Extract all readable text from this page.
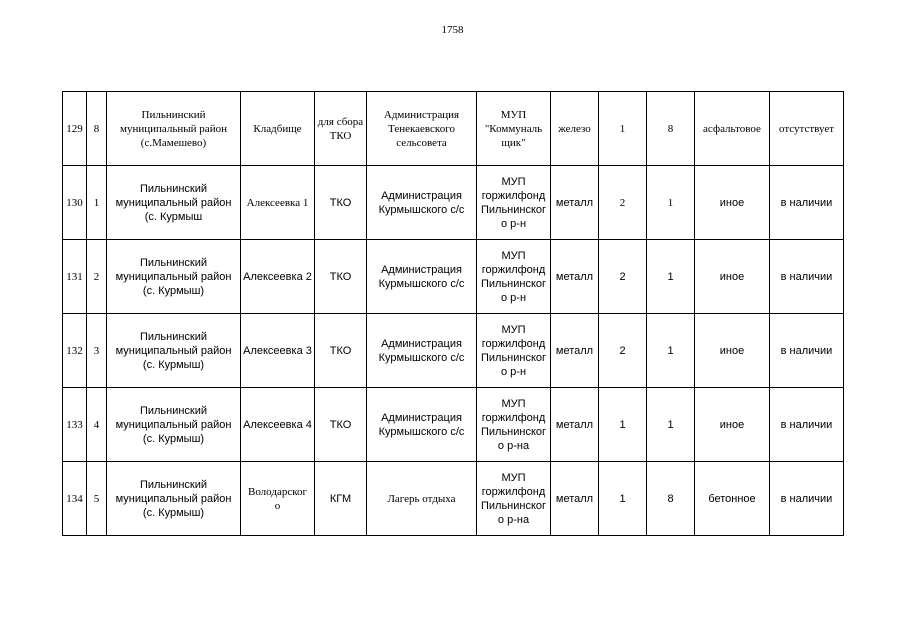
1758
129	8	Пильнинский
муниципальный район
(с.Мамешево)	Кладбище	для сбора
ТКО	Администрация
Тенекаевского
сельсовета	МУП
"Коммуналь
щик"	железо	1	8	асфальтовое	отсутствует

130	1	Пильнинский
муниципальный район
(с. Курмыш	Алексеевка 1	ТКО	Администрация
Курмышского с/с	МУП
горжилфонд
Пильнинског
о р-н	металл	2	1	иное	в наличии

131	2	Пильнинский
муниципальный район
(с. Курмыш)	Алексеевка 2	ТКО	Администрация
Курмышского с/с	МУП
горжилфонд
Пильнинског
о р-н	металл	2	1	иное	в наличии

132	3	Пильнинский
муниципальный район
(с. Курмыш)	Алексеевка 3	ТКО	Администрация
Курмышского с/с	МУП
горжилфонд
Пильнинског
о р-н	металл	2	1	иное	в наличии

133	4	Пильнинский
муниципальный район
(с. Курмыш)	Алексеевка 4	ТКО	Администрация
Курмышского с/с	МУП
горжилфонд
Пильнинског
о р-на	металл	1	1	иное	в наличии

134	5	Пильнинский
муниципальный район
(с. Курмыш)	Володарског
о	КГМ	Лагерь отдыха	МУП
горжилфонд
Пильнинског
о р-на	металл	1	8	бетонное	в наличии
